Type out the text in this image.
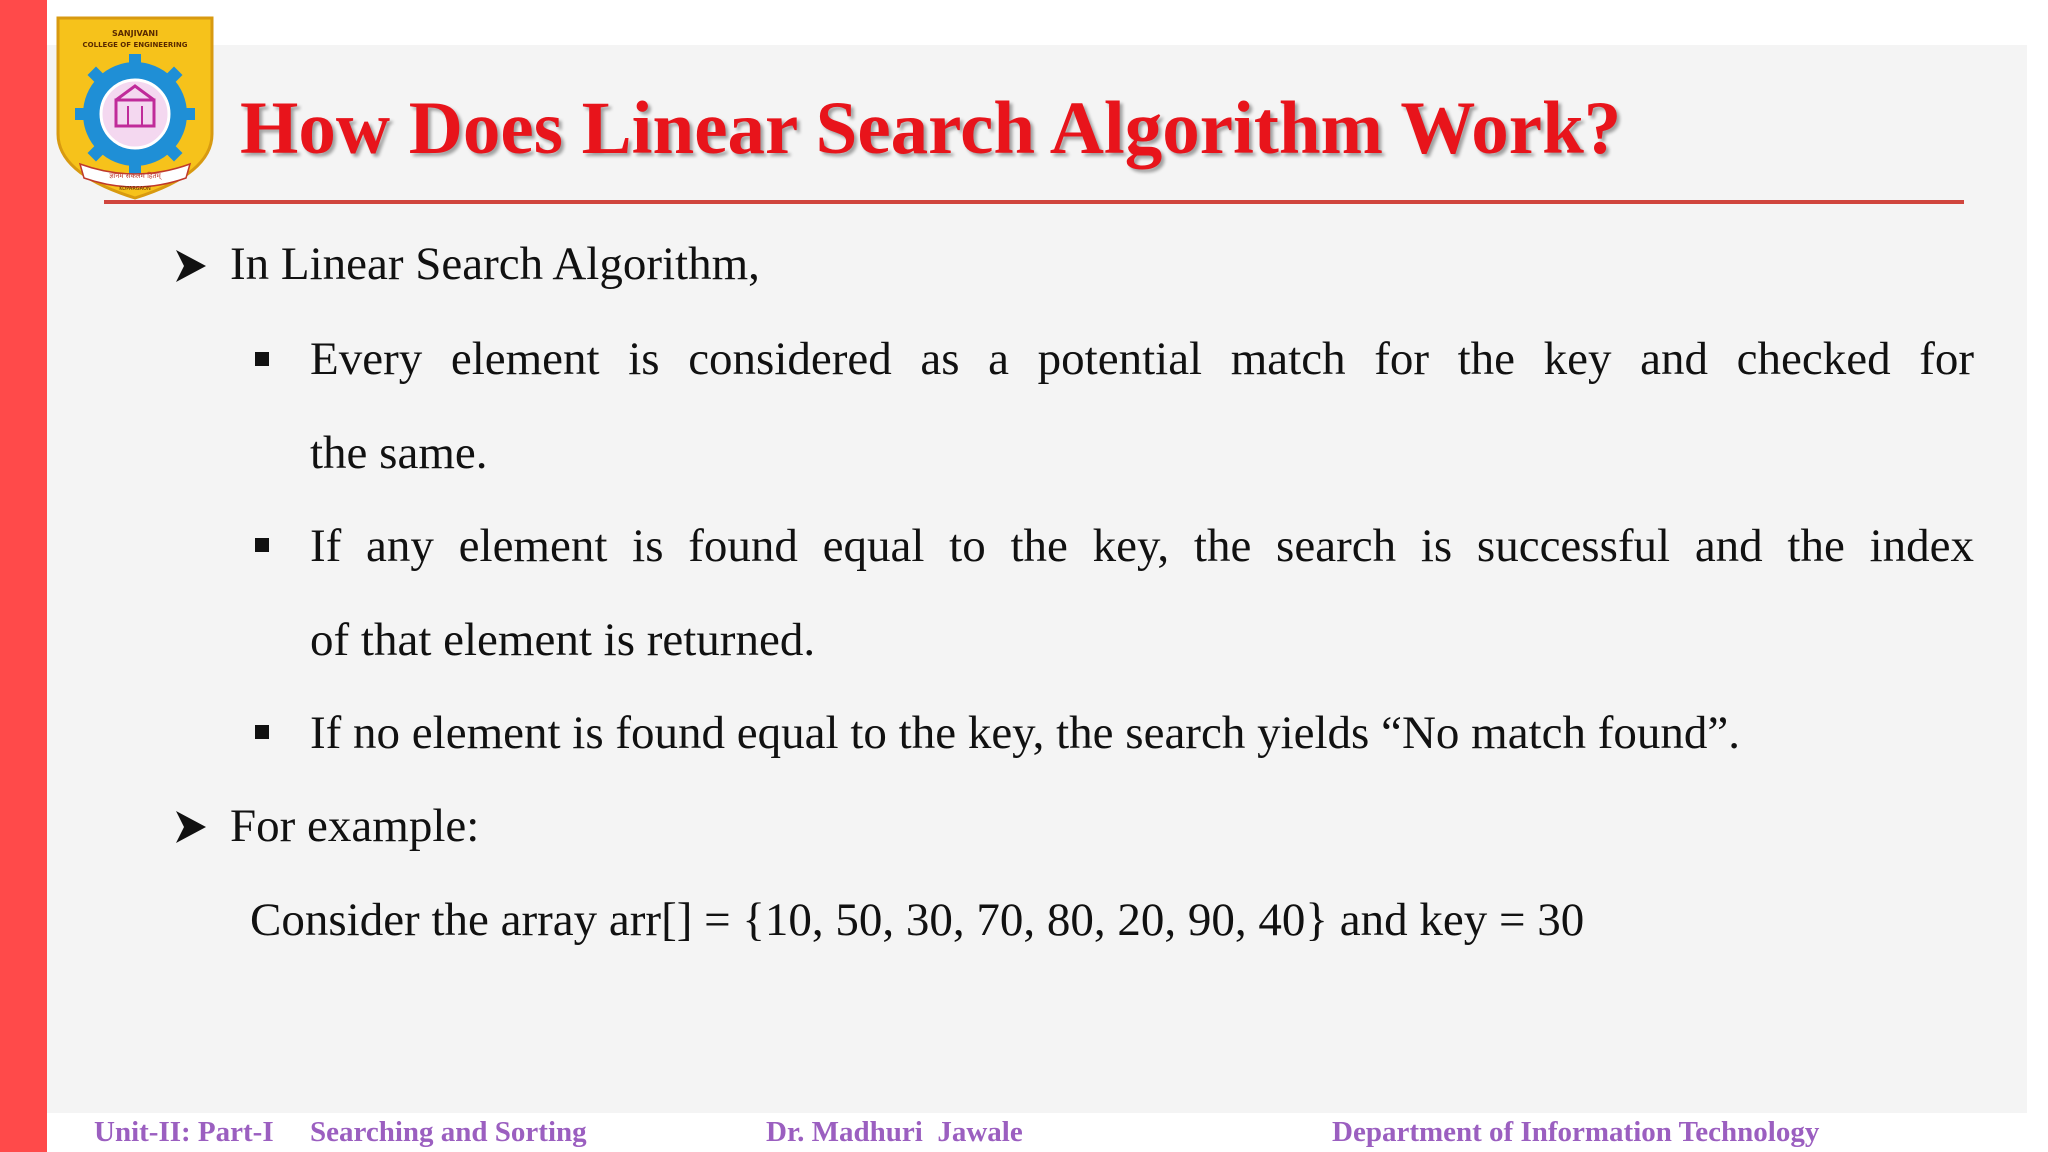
SANJIVANI
COLLEGE OF ENGINEERING
ज्ञानम सकलम हितम्
KOPARGAON
How Does Linear Search Algorithm Work?
In Linear Search Algorithm,
Every element is considered as a potential match for the key and checked for
the same.
If any element is found equal to the key, the search is successful and the index
of that element is returned.
If no element is found equal to the key, the search yields “No match found”.
For example:
Consider the array arr[] = {10, 50, 30, 70, 80, 20, 90, 40} and key = 30
Unit-II: Part-I Searching and Sorting	Dr. Madhuri  Jawale	Department of Information Technology
